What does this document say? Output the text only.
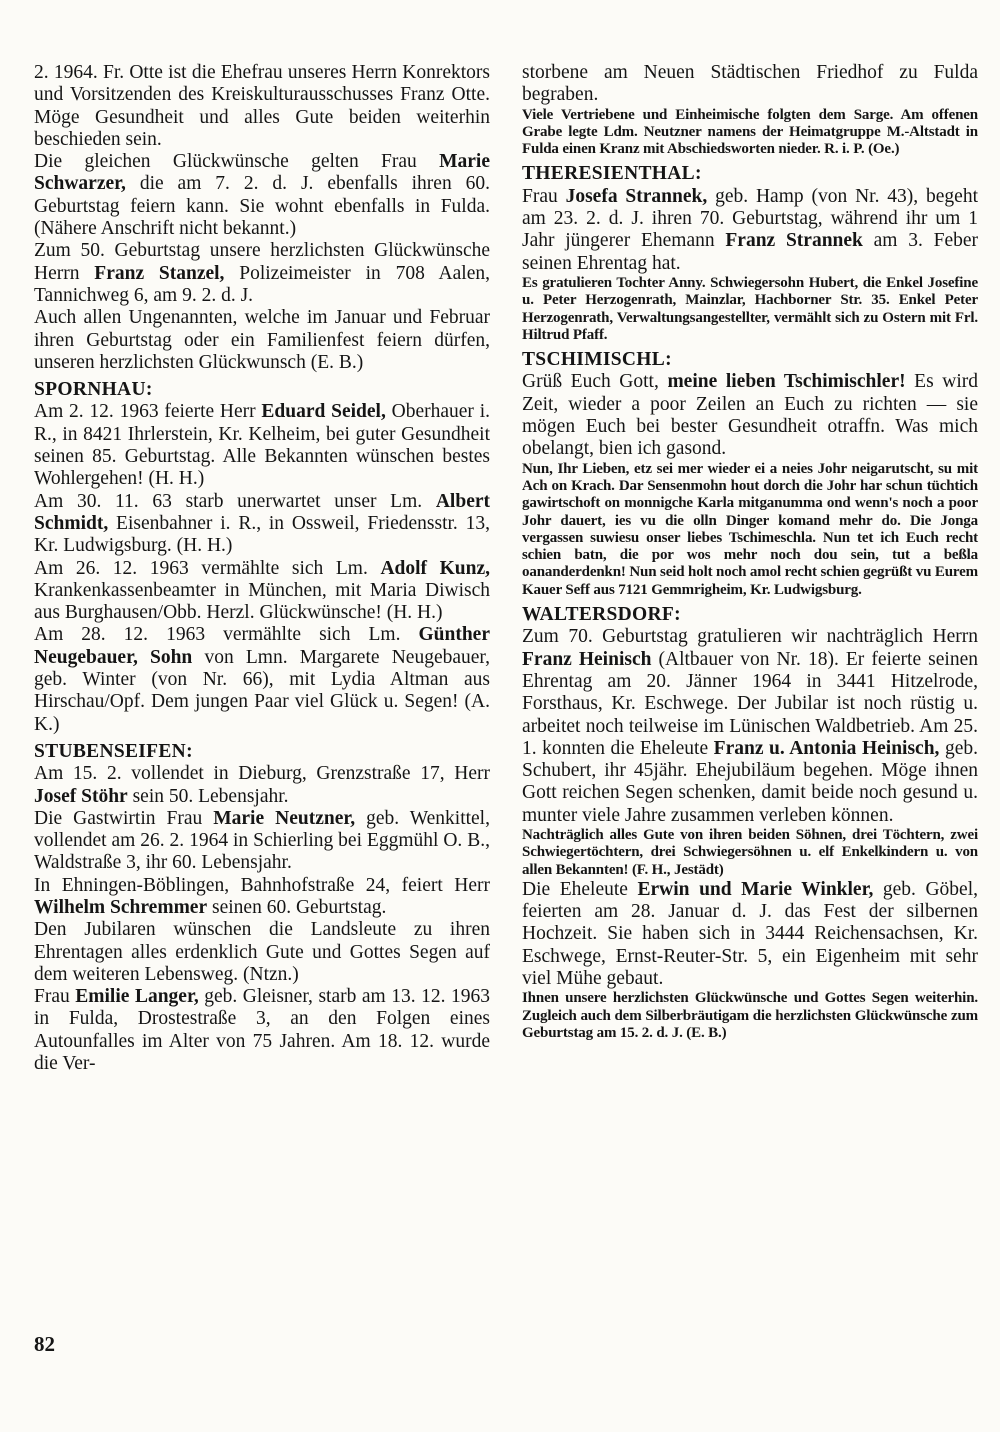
2. 1964. Fr. Otte ist die Ehefrau unseres Herrn Konrektors und Vorsitzenden des Kreiskulturausschusses Franz Otte. Möge Gesundheit und alles Gute beiden weiterhin beschieden sein.

Die gleichen Glückwünsche gelten Frau Marie Schwarzer, die am 7. 2. d. J. ebenfalls ihren 60. Geburtstag feiern kann. Sie wohnt ebenfalls in Fulda. (Nähere Anschrift nicht bekannt.)

Zum 50. Geburtstag unsere herzlichsten Glückwünsche Herrn Franz Stanzel, Polizeimeister in 708 Aalen, Tannichweg 6, am 9. 2. d. J.

Auch allen Ungenannten, welche im Januar und Februar ihren Geburtstag oder ein Familienfest feiern dürfen, unseren herzlichsten Glückwunsch (E. B.)

SPORNHAU:

Am 2. 12. 1963 feierte Herr Eduard Seidel, Oberhauer i. R., in 8421 Ihrlerstein, Kr. Kelheim, bei guter Gesundheit seinen 85. Geburtstag. Alle Bekannten wünschen bestes Wohlergehen! (H. H.)

Am 30. 11. 63 starb unerwartet unser Lm. Albert Schmidt, Eisenbahner i. R., in Ossweil, Friedensstr. 13, Kr. Ludwigsburg. (H. H.)

Am 26. 12. 1963 vermählte sich Lm. Adolf Kunz, Krankenkassenbeamter in München, mit Maria Diwisch aus Burghausen/Obb. Herzl. Glückwünsche! (H. H.)

Am 28. 12. 1963 vermählte sich Lm. Günther Neugebauer, Sohn von Lmn. Margarete Neugebauer, geb. Winter (von Nr. 66), mit Lydia Altman aus Hirschau/Opf. Dem jungen Paar viel Glück u. Segen! (A. K.)

STUBENSEIFEN:

Am 15. 2. vollendet in Dieburg, Grenzstraße 17, Herr Josef Stöhr sein 50. Lebensjahr.

Die Gastwirtin Frau Marie Neutzner, geb. Wenkittel, vollendet am 26. 2. 1964 in Schierling bei Eggmühl O. B., Waldstraße 3, ihr 60. Lebensjahr.

In Ehningen-Böblingen, Bahnhofstraße 24, feiert Herr Wilhelm Schremmer seinen 60. Geburtstag.

Den Jubilaren wünschen die Landsleute zu ihren Ehrentagen alles erdenklich Gute und Gottes Segen auf dem weiteren Lebensweg. (Ntzn.)

Frau Emilie Langer, geb. Gleisner, starb am 13. 12. 1963 in Fulda, Drostestraße 3, an den Folgen eines Autounfalles im Alter von 75 Jahren. Am 18. 12. wurde die Ver-

storbene am Neuen Städtischen Friedhof zu Fulda begraben.

Viele Vertriebene und Einheimische folgten dem Sarge. Am offenen Grabe legte Ldm. Neutzner namens der Heimatgruppe M.-Altstadt in Fulda einen Kranz mit Abschiedsworten nieder. R. i. P. (Oe.)

THERESIENTHAL:

Frau Josefa Strannek, geb. Hamp (von Nr. 43), begeht am 23. 2. d. J. ihren 70. Geburtstag, während ihr um 1 Jahr jüngerer Ehemann Franz Strannek am 3. Feber seinen Ehrentag hat.

Es gratulieren Tochter Anny. Schwiegersohn Hubert, die Enkel Josefine u. Peter Herzogenrath, Mainzlar, Hachborner Str. 35. Enkel Peter Herzogenrath, Verwaltungsangestellter, vermählt sich zu Ostern mit Frl. Hiltrud Pfaff.

TSCHIMISCHL:

Grüß Euch Gott, meine lieben Tschimischler! Es wird Zeit, wieder a poor Zeilen an Euch zu richten — sie mögen Euch bei bester Gesundheit otraffn. Was mich obelangt, bien ich gasond.

Nun, Ihr Lieben, etz sei mer wieder ei a neies Johr neigarutscht, su mit Ach on Krach. Dar Sensenmohn hout dorch die Johr har schun tüchtich gawirtschoft on monnigche Karla mitganumma ond wenn's noch a poor Johr dauert, ies vu die olln Dinger komand mehr do. Die Jonga vergassen suwiesu onser liebes Tschimeschla. Nun tet ich Euch recht schien batn, die por wos mehr noch dou sein, tut a beßla oananderdenkn! Nun seid holt noch amol recht schien gegrüßt vu Eurem Kauer Seff aus 7121 Gemmrigheim, Kr. Ludwigsburg.

WALTERSDORF:

Zum 70. Geburtstag gratulieren wir nachträglich Herrn Franz Heinisch (Altbauer von Nr. 18). Er feierte seinen Ehrentag am 20. Jänner 1964 in 3441 Hitzelrode, Forsthaus, Kr. Eschwege. Der Jubilar ist noch rüstig u. arbeitet noch teilweise im Lünischen Waldbetrieb. Am 25. 1. konnten die Eheleute Franz u. Antonia Heinisch, geb. Schubert, ihr 45jähr. Ehejubiläum begehen. Möge ihnen Gott reichen Segen schenken, damit beide noch gesund u. munter viele Jahre zusammen verleben können.

Nachträglich alles Gute von ihren beiden Söhnen, drei Töchtern, zwei Schwiegertöchtern, drei Schwiegersöhnen u. elf Enkelkindern u. von allen Bekannten! (F. H., Jestädt)

Die Eheleute Erwin und Marie Winkler, geb. Göbel, feierten am 28. Januar d. J. das Fest der silbernen Hochzeit. Sie haben sich in 3444 Reichensachsen, Kr. Eschwege, Ernst-Reuter-Str. 5, ein Eigenheim mit sehr viel Mühe gebaut.

Ihnen unsere herzlichsten Glückwünsche und Gottes Segen weiterhin. Zugleich auch dem Silberbräutigam die herzlichsten Glückwünsche zum Geburtstag am 15. 2. d. J. (E. B.)

82
